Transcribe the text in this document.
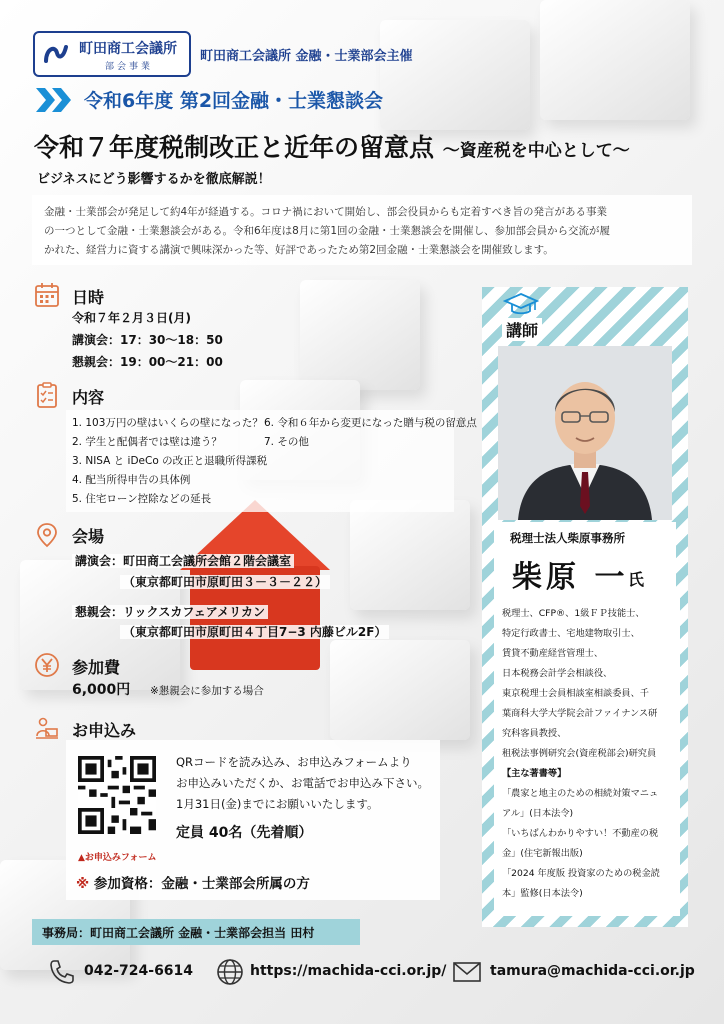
町田商工会議所
部会事業
町田商工会議所 金融・士業部会主催
令和6年度 第2回金融・士業懇談会
令和７年度税制改正と近年の留意点 ～資産税を中心として～
ビジネスにどう影響するかを徹底解説！
金融・士業部会が発足して約4年が経過する。コロナ禍において開始し、部会役員からも定着すべき旨の発言がある事業
の一つとして金融・士業懇談会がある。令和6年度は8月に第1回の金融・士業懇談会を開催し、参加部会員から交流が履
かれた、経営力に資する講演で興味深かった等、好評であったため第2回金融・士業懇談会を開催致します。
日時
令和７年２月３日(月)
講演会：17：30～18：50
懇親会：19：00～21：00
内容
1. 103万円の壁はいくらの壁になった？
2. 学生と配偶者では壁は違う？
3. NISA と iDeCo の改正と退職所得課税
4. 配当所得申告の具体例
5. 住宅ローン控除などの延長
6. 令和６年から変更になった贈与税の留意点
7. その他
会場
講演会：町田商工会議所会館２階会議室
（東京都町田市原町田３－３－２２）
懇親会：リックスカフェアメリカン
（東京都町田市原町田４丁目7−3 内藤ビル2F）
参加費
6,000円 ※懇親会に参加する場合
お申込み
▲お申込みフォーム
QRコードを読み込み、お申込みフォームより
お申込みいただくか、お電話でお申込み下さい。
1月31日(金)までにお願いいたします。
定員 40名（先着順）
※ 参加資格：金融・士業部会所属の方
講師
税理士法人柴原事務所
柴原 一 氏
税理士、CFP®、1級ＦＰ技能士、
特定行政書士、宅地建物取引士、
賃貸不動産経営管理士、
日本税務会計学会相談役、
東京税理士会員相談室相談委員、千
葉商科大学大学院会計ファイナンス研
究科客員教授、
租税法事例研究会(資産税部会)研究員
【主な著書等】
「農家と地主のための相続対策マニュ
アル」(日本法令)
「いちばんわかりやすい！不動産の税
金」(住宅新報出版)
「2024 年度版 投資家のための税金読
本」監修(日本法令)
事務局：町田商工会議所 金融・士業部会担当 田村
042-724-6614	https://machida-cci.or.jp/	tamura@machida-cci.or.jp
